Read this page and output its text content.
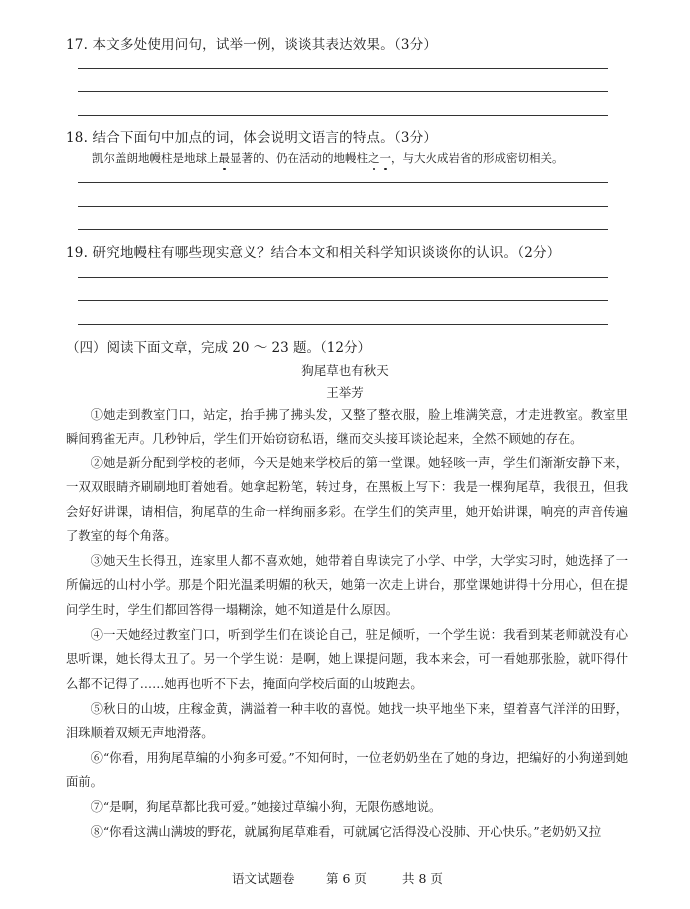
17. 本文多处使用问句，试举一例，谈谈其表达效果。（3分）
18. 结合下面句中加点的词，体会说明文语言的特点。（3分）
凯尔盖朗地幔柱是地球上最显著的、仍在活动的地幔柱之一，与大火成岩省的形成密切相关。
19. 研究地幔柱有哪些现实意义？结合本文和相关科学知识谈谈你的认识。（2分）
（四）阅读下面文章，完成 20 ～ 23 题。（12分）
狗尾草也有秋天
王举芳
①她走到教室门口，站定，抬手拂了拂头发，又整了整衣服，脸上堆满笑意，才走进教室。教室里瞬间鸦雀无声。几秒钟后，学生们开始窃窃私语，继而交头接耳谈论起来，全然不顾她的存在。
②她是新分配到学校的老师，今天是她来学校后的第一堂课。她轻咳一声，学生们渐渐安静下来，一双双眼睛齐刷刷地盯着她看。她拿起粉笔，转过身，在黑板上写下：我是一棵狗尾草，我很丑，但我会好好讲课，请相信，狗尾草的生命一样绚丽多彩。在学生们的笑声里，她开始讲课，响亮的声音传遍了教室的每个角落。
③她天生长得丑，连家里人都不喜欢她，她带着自卑读完了小学、中学，大学实习时，她选择了一所偏远的山村小学。那是个阳光温柔明媚的秋天，她第一次走上讲台，那堂课她讲得十分用心，但在提问学生时，学生们都回答得一塌糊涂，她不知道是什么原因。
④一天她经过教室门口，听到学生们在谈论自己，驻足倾听，一个学生说：我看到某老师就没有心思听课，她长得太丑了。另一个学生说：是啊，她上课提问题，我本来会，可一看她那张脸，就吓得什么都不记得了……她再也听不下去，掩面向学校后面的山坡跑去。
⑤秋日的山坡，庄稼金黄，满溢着一种丰收的喜悦。她找一块平地坐下来，望着喜气洋洋的田野，泪珠顺着双颊无声地滑落。
⑥“你看，用狗尾草编的小狗多可爱。”不知何时，一位老奶奶坐在了她的身边，把编好的小狗递到她面前。
⑦“是啊，狗尾草都比我可爱。”她接过草编小狗，无限伤感地说。
⑧“你看这满山满坡的野花，就属狗尾草难看，可就属它活得没心没肺、开心快乐。”老奶奶又拉
语文试题卷	第 6 页	共 8 页
